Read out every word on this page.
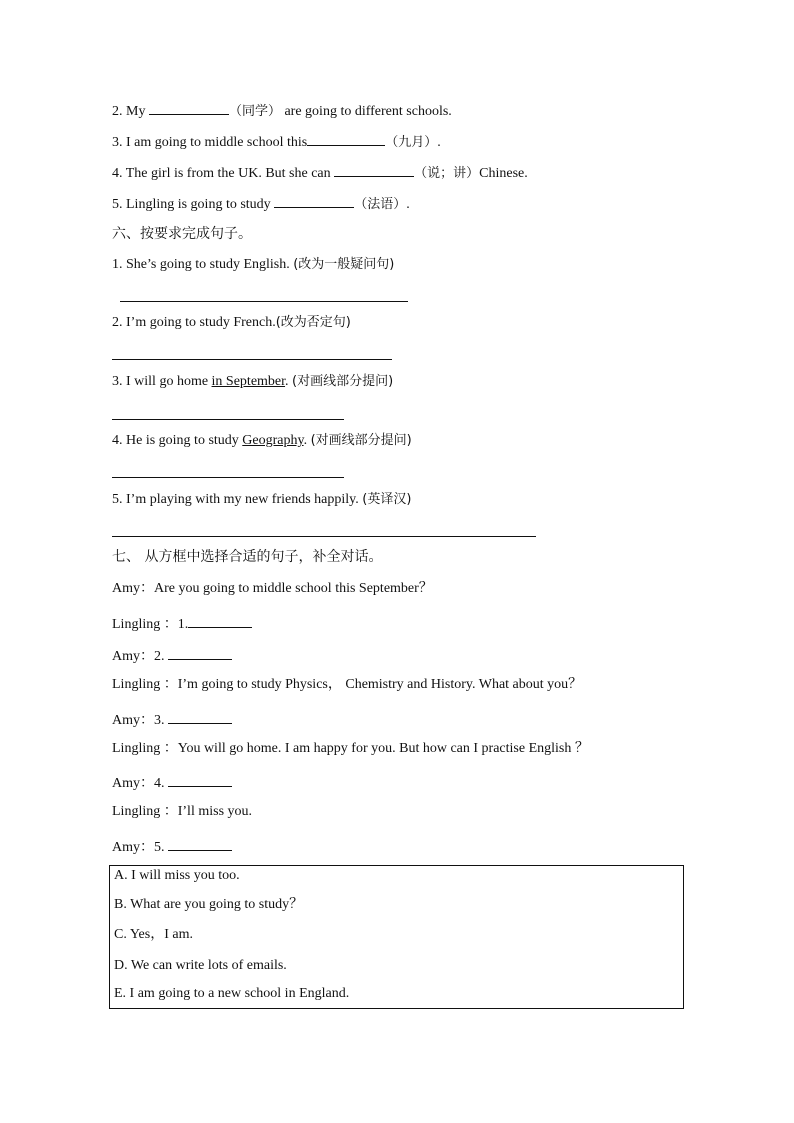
2. My	（同学） are going to different schools.
3. I am going to middle school this	（九月）.
4. The girl is from the UK. But she can	（说；讲）Chinese.
5. Lingling is going to study	（法语）.
六、按要求完成句子。
1. She’s going to study English. (改为一般疑问句)
2. I’m going to study French.(改为否定句)
3. I will go home in September. (对画线部分提问)
4. He is going to study Geography. (对画线部分提问)
5. I’m playing with my new friends happily. (英译汉)
七、 从方框中选择合适的句子，补全对话。
Amy：Are you going to middle school this September？
Lingling ：1.
Amy：2.
Lingling ：I’m going to study Physics， Chemistry and History. What about you？
Amy：3.
Lingling ：You will go home. I am happy for you. But how can I practise English ？
Amy：4.
Lingling ：I’ll miss you.
Amy：5.
A. I will miss you too.
B. What are you going to study？
C. Yes，I am.
D. We can write lots of emails.
E. I am going to a new school in England.
